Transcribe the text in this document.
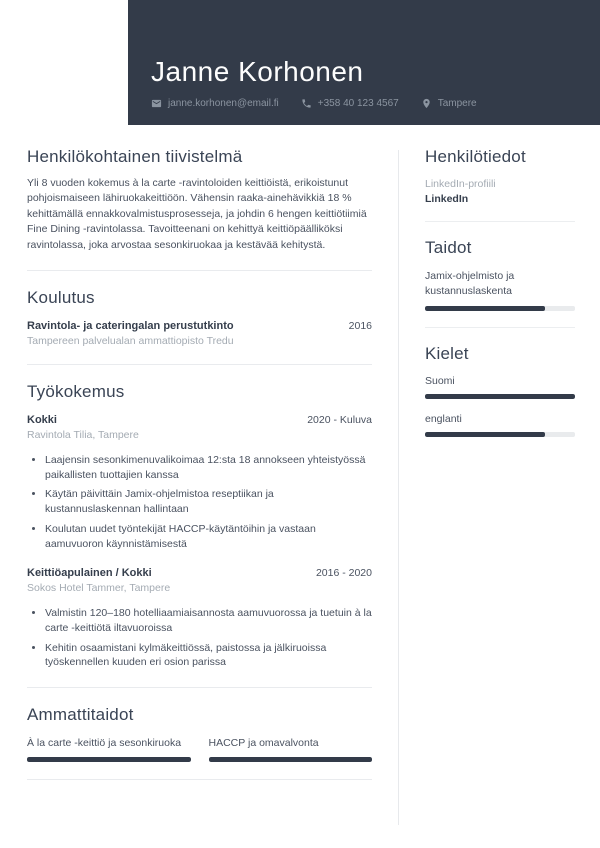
Janne Korhonen
janne.korhonen@email.fi	+358 40 123 4567	Tampere
Henkilökohtainen tiivistelmä

Yli 8 vuoden kokemus à la carte -ravintoloiden keittiöistä, erikoistunut pohjoismaiseen lähiruokakeittiöön. Vähensin raaka-ainehävikkiä 18 % kehittämällä ennakkovalmistusprosesseja, ja johdin 6 hengen keittiötiimiä Fine Dining -ravintolassa. Tavoitteenani on kehittyä keittiöpäälliköksi ravintolassa, joka arvostaa sesonkiruokaa ja kestävää kehitystä.

Koulutus
Ravintola- ja cateringalan perustutkinto	2016
Tampereen palvelualan ammattiopisto Tredu
Työkokemus
Kokki	2020 - Kuluva
Ravintola Tilia, Tampere
• Laajensin sesonkimenuvalikoimaa 12:sta 18 annokseen yhteistyössä paikallisten tuottajien kanssa
• Käytän päivittäin Jamix-ohjelmistoa reseptiikan ja kustannuslaskennan hallintaan
• Koulutan uudet työntekijät HACCP-käytäntöihin ja vastaan aamuvuoron käynnistämisestä
Keittiöapulainen / Kokki	2016 - 2020
Sokos Hotel Tammer, Tampere
• Valmistin 120–180 hotelliaamiaisannosta aamuvuorossa ja tuetuin à la carte -keittiötä iltavuoroissa
• Kehitin osaamistani kylmäkeittiössä, paistossa ja jälkiruoissa työskennellen kuuden eri osion parissa
Ammattitaidot
À la carte -keittiö ja sesonkiruoka	HACCP ja omavalvonta
Henkilötiedot
LinkedIn-profiili
LinkedIn
Taidot
Jamix-ohjelmisto ja kustannuslaskenta
Kielet
Suomi
englanti
